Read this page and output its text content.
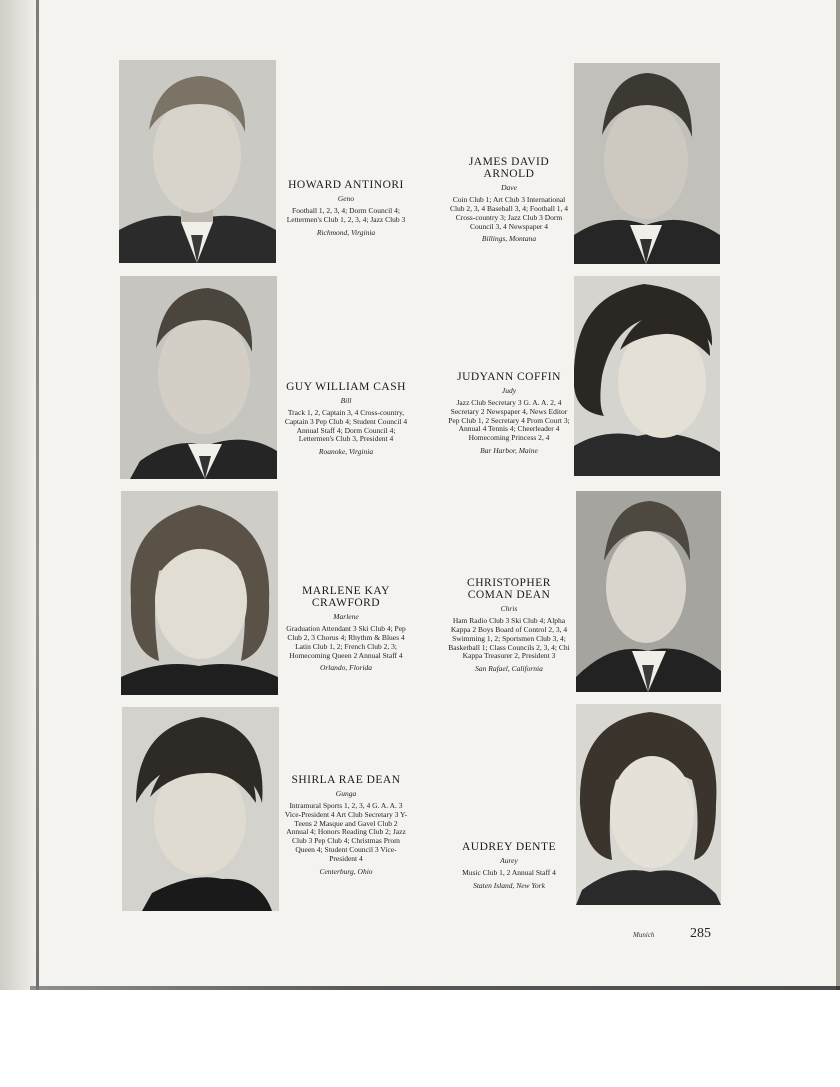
HOWARD ANTINORI
Geno
Football 1, 2, 3, 4; Dorm Council 4; Lettermen's Club 1, 2, 3, 4; Jazz Club 3
Richmond, Virginia
JAMES DAVID ARNOLD
Dave
Coin Club 1; Art Club 3 International Club 2, 3, 4 Baseball 3, 4; Football 1, 4 Cross-country 3; Jazz Club 3 Dorm Council 3, 4 Newspaper 4
Billings, Montana
GUY WILLIAM CASH
Bill
Track 1, 2, Captain 3, 4 Cross-country, Captain 3 Pep Club 4; Student Council 4 Annual Staff 4; Dorm Council 4; Lettermen's Club 3, President 4
Roanoke, Virginia
JUDYANN COFFIN
Judy
Jazz Club Secretary 3 G. A. A. 2, 4 Secretary 2 Newspaper 4, News Editor Pep Club 1, 2 Secretary 4 Prom Court 3; Annual 4 Tennis 4; Cheerleader 4 Homecoming Princess 2, 4
Bar Harbor, Maine
MARLENE KAY CRAWFORD
Marlene
Graduation Attendant 3 Ski Club 4; Pep Club 2, 3 Chorus 4; Rhythm & Blues 4 Latin Club 1, 2; French Club 2, 3; Homecoming Queen 2 Annual Staff 4
Orlando, Florida
CHRISTOPHER COMAN DEAN
Chris
Ham Radio Club 3 Ski Club 4; Alpha Kappa 2 Boys Board of Control 2, 3, 4 Swimming 1, 2; Sportsmen Club 3, 4; Basketball 1; Class Councils 2, 3, 4; Chi Kappa Treasurer 2, President 3
San Rafael, California
SHIRLA RAE DEAN
Gunga
Intramural Sports 1, 2, 3, 4 G. A. A. 3 Vice-President 4 Art Club Secretary 3 Y-Teens 2 Masque and Gavel Club 2 Annual 4; Honors Reading Club 2; Jazz Club 3 Pep Club 4; Christmas Prom Queen 4; Student Council 3 Vice-President 4
Centerburg, Ohio
AUDREY DENTE
Aurey
Music Club 1, 2 Annual Staff 4
Staten Island, New York
Munich	285
